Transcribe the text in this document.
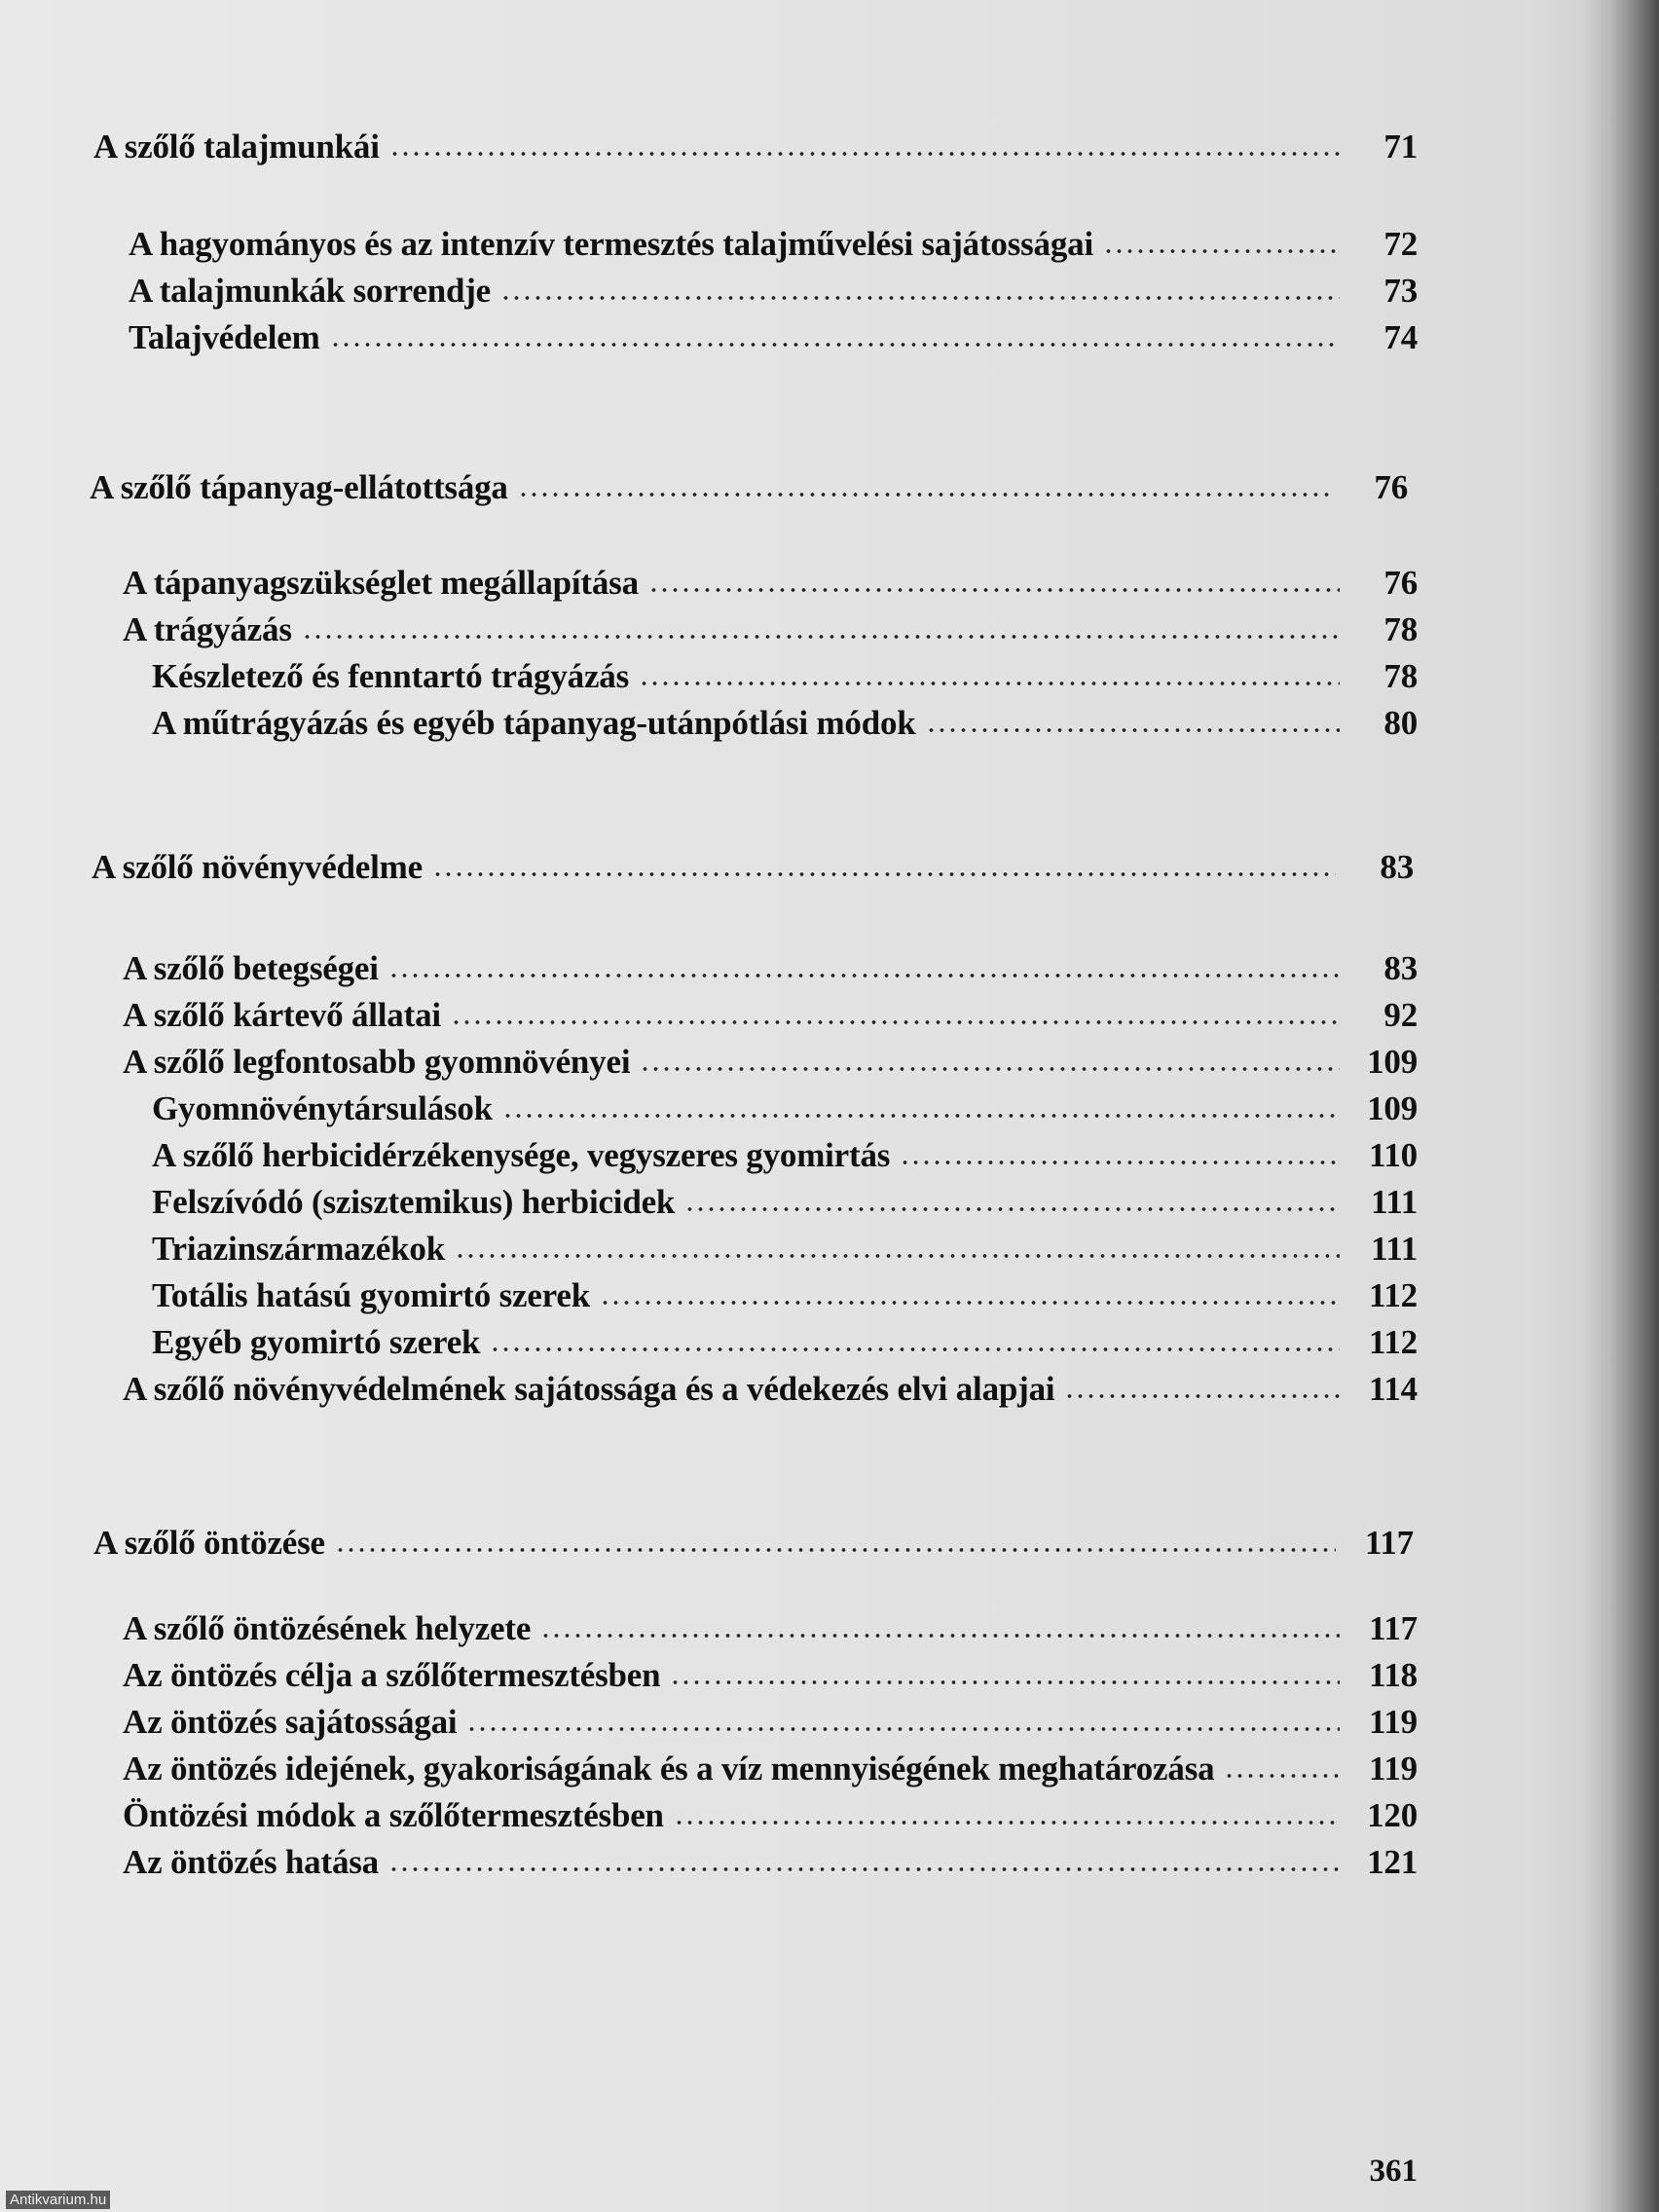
A szőlő talajmunkái	71
A hagyományos és az intenzív termesztés talajművelési sajátosságai	72
A talajmunkák sorrendje	73
Talajvédelem	74
A szőlő tápanyag-ellátottsága	76
A tápanyagszükséglet megállapítása	76
A trágyázás	78
Készletező és fenntartó trágyázás	78
A műtrágyázás és egyéb tápanyag-utánpótlási módok	80
A szőlő növényvédelme	83
A szőlő betegségei	83
A szőlő kártevő állatai	92
A szőlő legfontosabb gyomnövényei	109
Gyomnövénytársulások	109
A szőlő herbicidérzékenysége, vegyszeres gyomirtás	110
Felszívódó (szisztemikus) herbicidek	111
Triazinszármazékok	111
Totális hatású gyomirtó szerek	112
Egyéb gyomirtó szerek	112
A szőlő növényvédelmének sajátossága és a védekezés elvi alapjai	114
A szőlő öntözése	117
A szőlő öntözésének helyzete	117
Az öntözés célja a szőlőtermesztésben	118
Az öntözés sajátosságai	119
Az öntözés idejének, gyakoriságának és a víz mennyiségének meghatározása	119
Öntözési módok a szőlőtermesztésben	120
Az öntözés hatása	121
361
Antikvarium.hu
